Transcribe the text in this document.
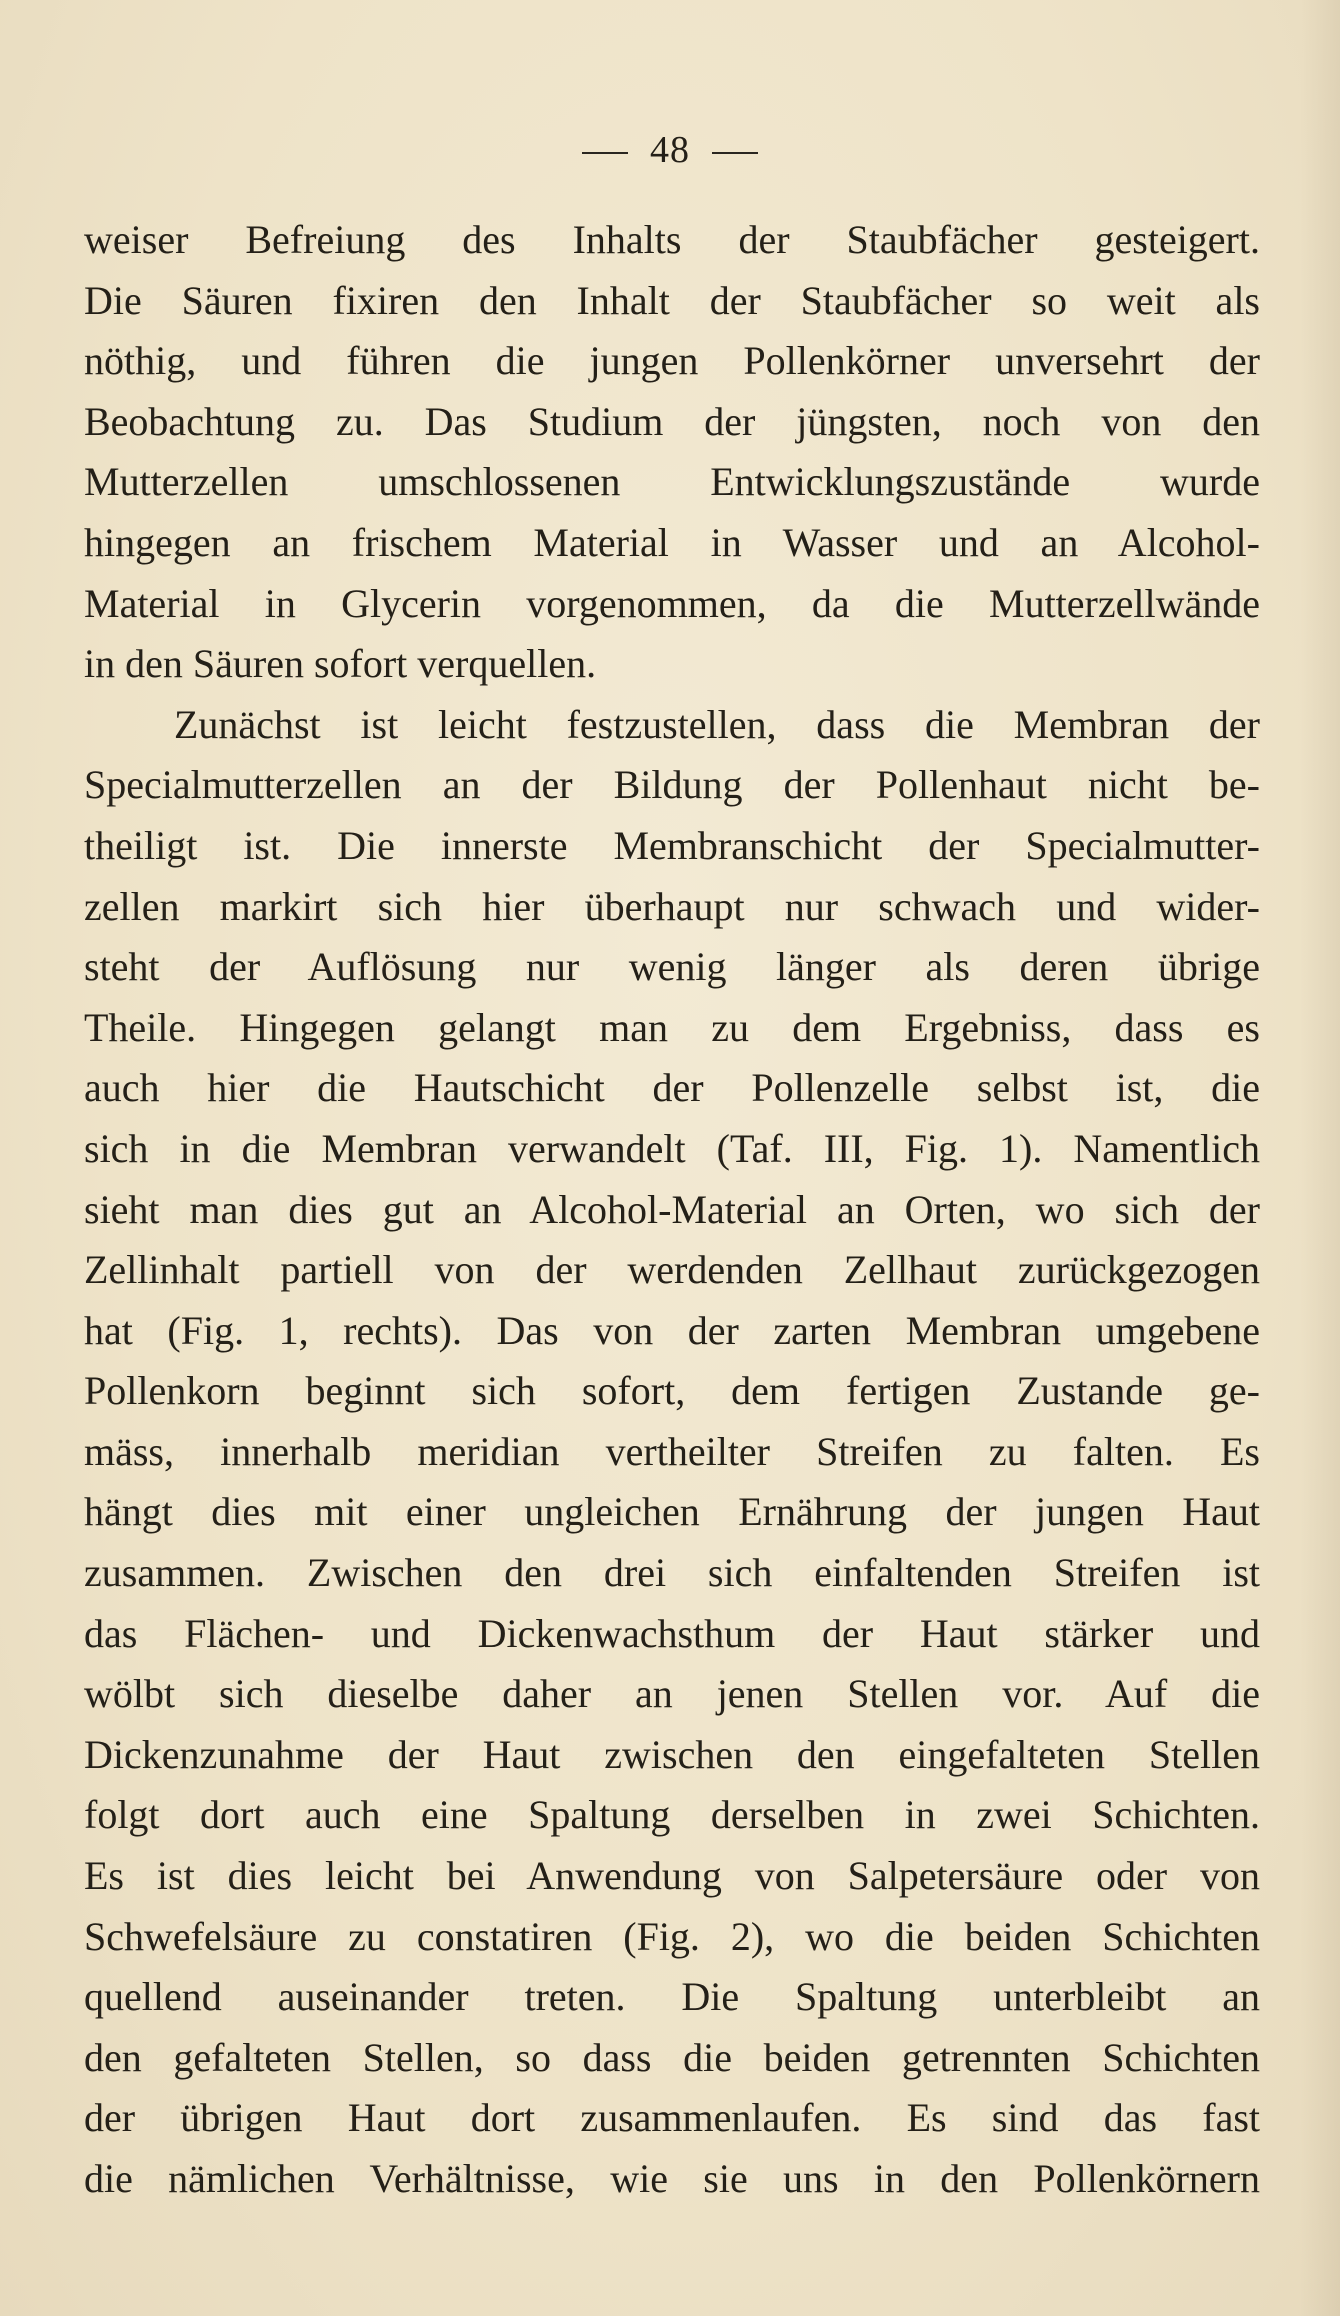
48
weiser Befreiung des Inhalts der Staubfächer gesteigert.
Die Säuren fixiren den Inhalt der Staubfächer so weit als
nöthig, und führen die jungen Pollenkörner unversehrt der
Beobachtung zu. Das Studium der jüngsten, noch von den
Mutterzellen umschlossenen Entwicklungszustände wurde
hingegen an frischem Material in Wasser und an Alcohol-
Material in Glycerin vorgenommen, da die Mutterzellwände
in den Säuren sofort verquellen.
Zunächst ist leicht festzustellen, dass die Membran der
Specialmutterzellen an der Bildung der Pollenhaut nicht be-
theiligt ist. Die innerste Membranschicht der Specialmutter-
zellen markirt sich hier überhaupt nur schwach und wider-
steht der Auflösung nur wenig länger als deren übrige
Theile. Hingegen gelangt man zu dem Ergebniss, dass es
auch hier die Hautschicht der Pollenzelle selbst ist, die
sich in die Membran verwandelt (Taf. III, Fig. 1). Namentlich
sieht man dies gut an Alcohol-Material an Orten, wo sich der
Zellinhalt partiell von der werdenden Zellhaut zurückgezogen
hat (Fig. 1, rechts). Das von der zarten Membran umgebene
Pollenkorn beginnt sich sofort, dem fertigen Zustande ge-
mäss, innerhalb meridian vertheilter Streifen zu falten. Es
hängt dies mit einer ungleichen Ernährung der jungen Haut
zusammen. Zwischen den drei sich einfaltenden Streifen ist
das Flächen- und Dickenwachsthum der Haut stärker und
wölbt sich dieselbe daher an jenen Stellen vor. Auf die
Dickenzunahme der Haut zwischen den eingefalteten Stellen
folgt dort auch eine Spaltung derselben in zwei Schichten.
Es ist dies leicht bei Anwendung von Salpetersäure oder von
Schwefelsäure zu constatiren (Fig. 2), wo die beiden Schichten
quellend auseinander treten. Die Spaltung unterbleibt an
den gefalteten Stellen, so dass die beiden getrennten Schichten
der übrigen Haut dort zusammenlaufen. Es sind das fast
die nämlichen Verhältnisse, wie sie uns in den Pollenkörnern
